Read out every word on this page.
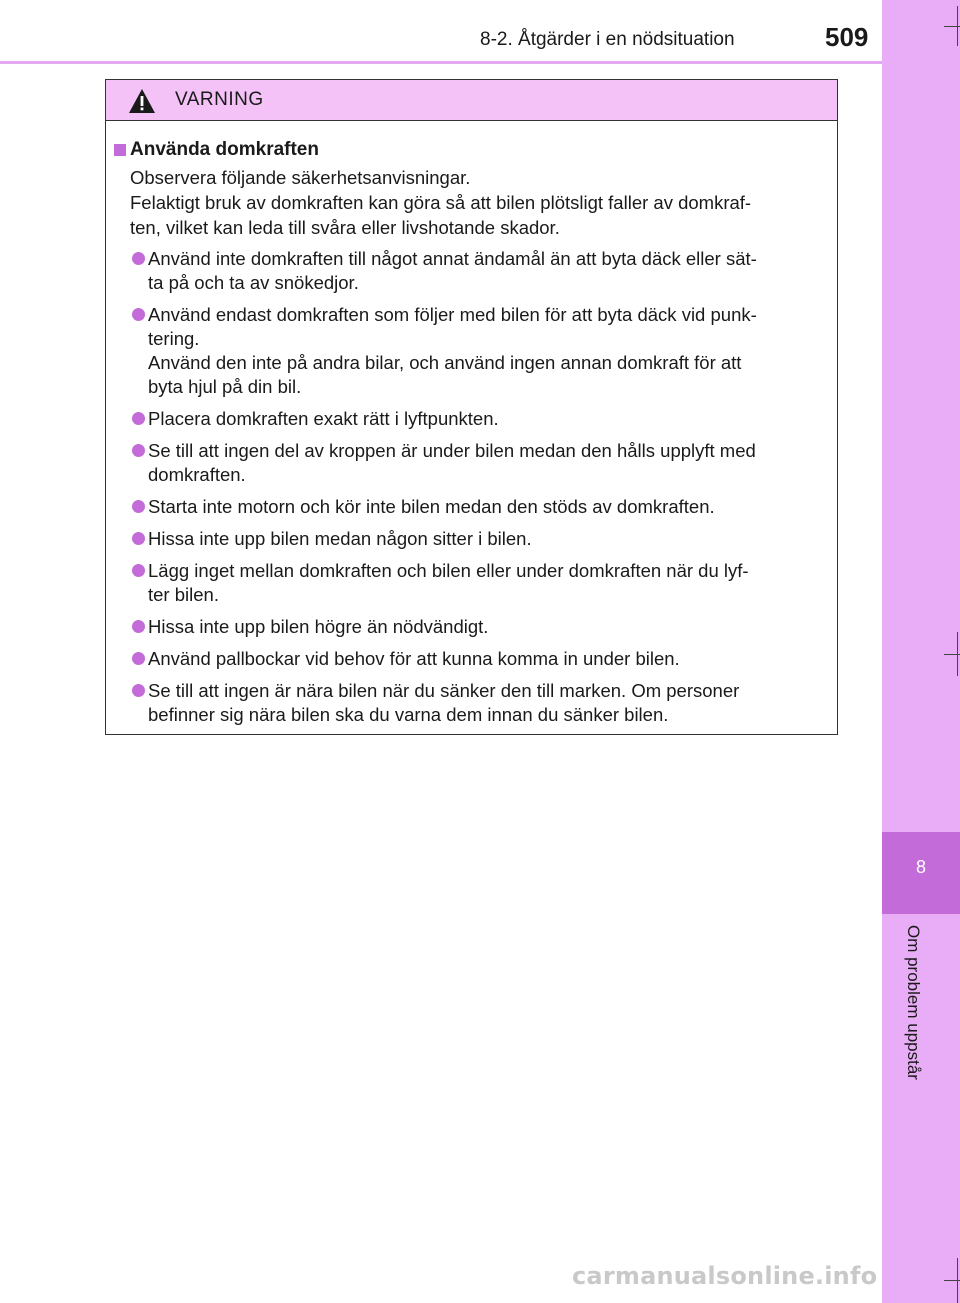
8-2. Åtgärder i en nödsituation	509
8
Om problem uppstår
VARNING
Använda domkraften
Observera följande säkerhetsanvisningar.
Felaktigt bruk av domkraften kan göra så att bilen plötsligt faller av domkraf-
ten, vilket kan leda till svåra eller livshotande skador.
Använd inte domkraften till något annat ändamål än att byta däck eller sät-
ta på och ta av snökedjor.
Använd endast domkraften som följer med bilen för att byta däck vid punk-
tering.
Använd den inte på andra bilar, och använd ingen annan domkraft för att
byta hjul på din bil.
Placera domkraften exakt rätt i lyftpunkten.
Se till att ingen del av kroppen är under bilen medan den hålls upplyft med
domkraften.
Starta inte motorn och kör inte bilen medan den stöds av domkraften.
Hissa inte upp bilen medan någon sitter i bilen.
Lägg inget mellan domkraften och bilen eller under domkraften när du lyf-
ter bilen.
Hissa inte upp bilen högre än nödvändigt.
Använd pallbockar vid behov för att kunna komma in under bilen.
Se till att ingen är nära bilen när du sänker den till marken. Om personer
befinner sig nära bilen ska du varna dem innan du sänker bilen.
carmanualsonline.info
